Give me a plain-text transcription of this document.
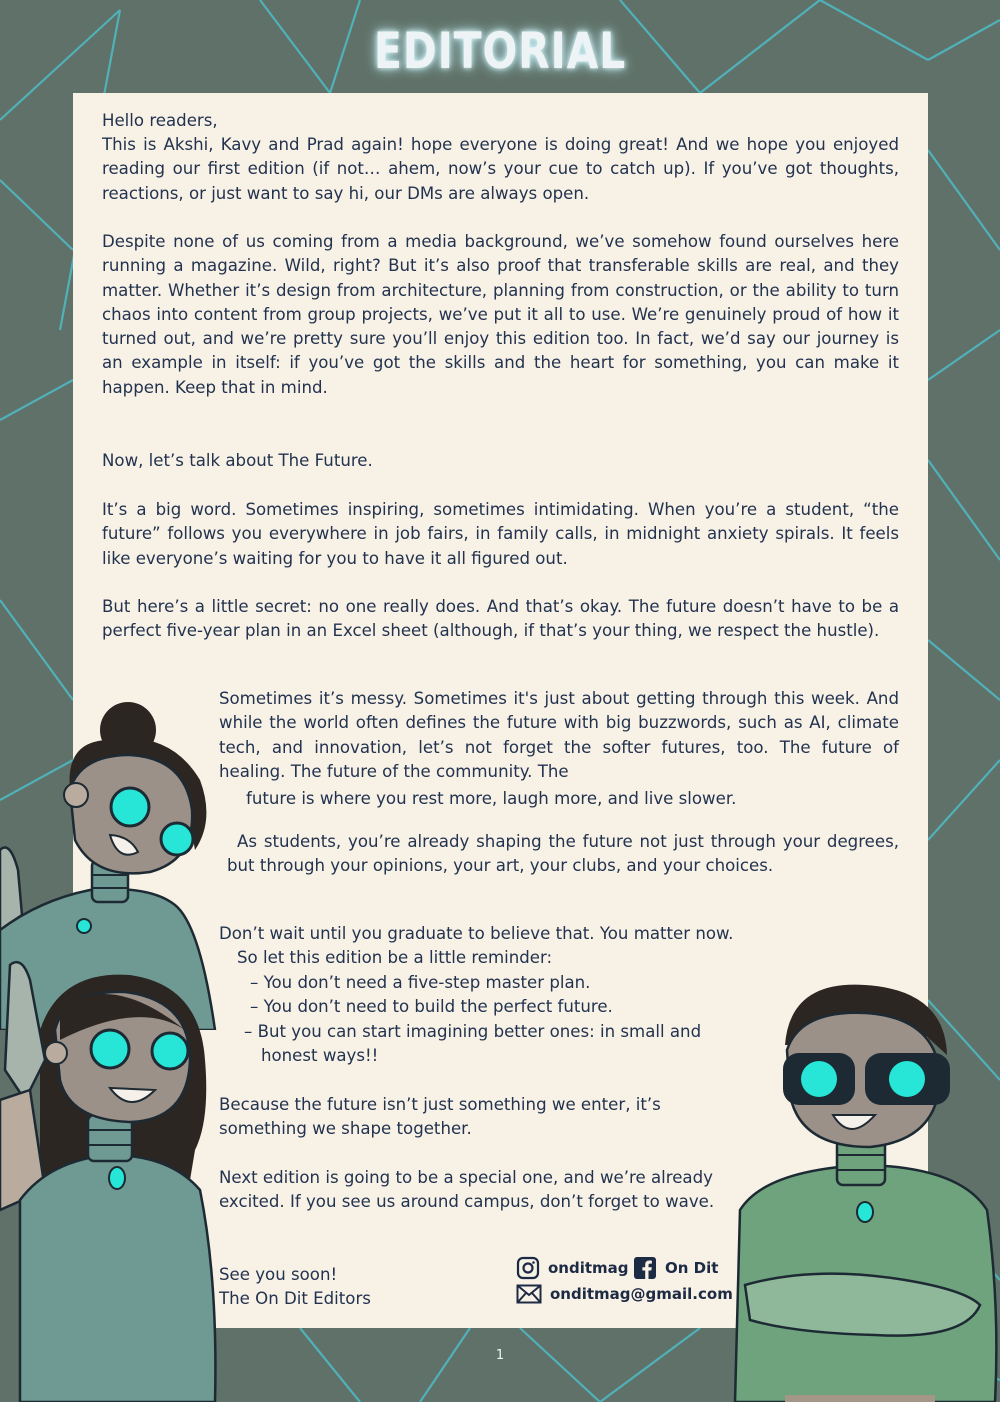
EDITORIAL
Hello readers,
This is Akshi, Kavy and Prad again! hope everyone is doing great! And we hope you enjoyed reading our first edition (if not… ahem, now’s your cue to catch up). If you’ve got thoughts, reactions, or just want to say hi, our DMs are always open.
Despite none of us coming from a media background, we’ve somehow found ourselves here running a magazine. Wild, right? But it’s also proof that transferable skills are real, and they matter. Whether it’s design from architecture, planning from construction, or the ability to turn chaos into content from group projects, we’ve put it all to use. We’re genuinely proud of how it turned out, and we’re pretty sure you’ll enjoy this edition too. In fact, we’d say our journey is an example in itself: if you’ve got the skills and the heart for something, you can make it happen. Keep that in mind.
Now, let’s talk about The Future.
It’s a big word. Sometimes inspiring, sometimes intimidating. When you’re a student, “the future” follows you everywhere in job fairs, in family calls, in midnight anxiety spirals. It feels like everyone’s waiting for you to have it all figured out.
But here’s a little secret: no one really does. And that’s okay. The future doesn’t have to be a perfect five-year plan in an Excel sheet (although, if that’s your thing, we respect the hustle).
Sometimes it’s messy. Sometimes it's just about getting through this week. And while the world often defines the future with big buzzwords, such as AI, climate tech, and innovation, let’s not forget the softer futures, too. The future of healing. The future of the community. The
future is where you rest more, laugh more, and live slower.
As students, you’re already shaping the future not just through your degrees, but through your opinions, your art, your clubs, and your choices.
Don’t wait until you graduate to believe that. You matter now.
So let this edition be a little reminder:
– You don’t need a five-step master plan.
– You don’t need to build the perfect future.
– But you can start imagining better ones: in small and
honest ways!!
Because the future isn’t just something we enter, it’s something we shape together.
Next edition is going to be a special one, and we’re already excited. If you see us around campus, don’t forget to wave.
See you soon!
The On Dit Editors
onditmag On Dit
onditmag@gmail.com
1
